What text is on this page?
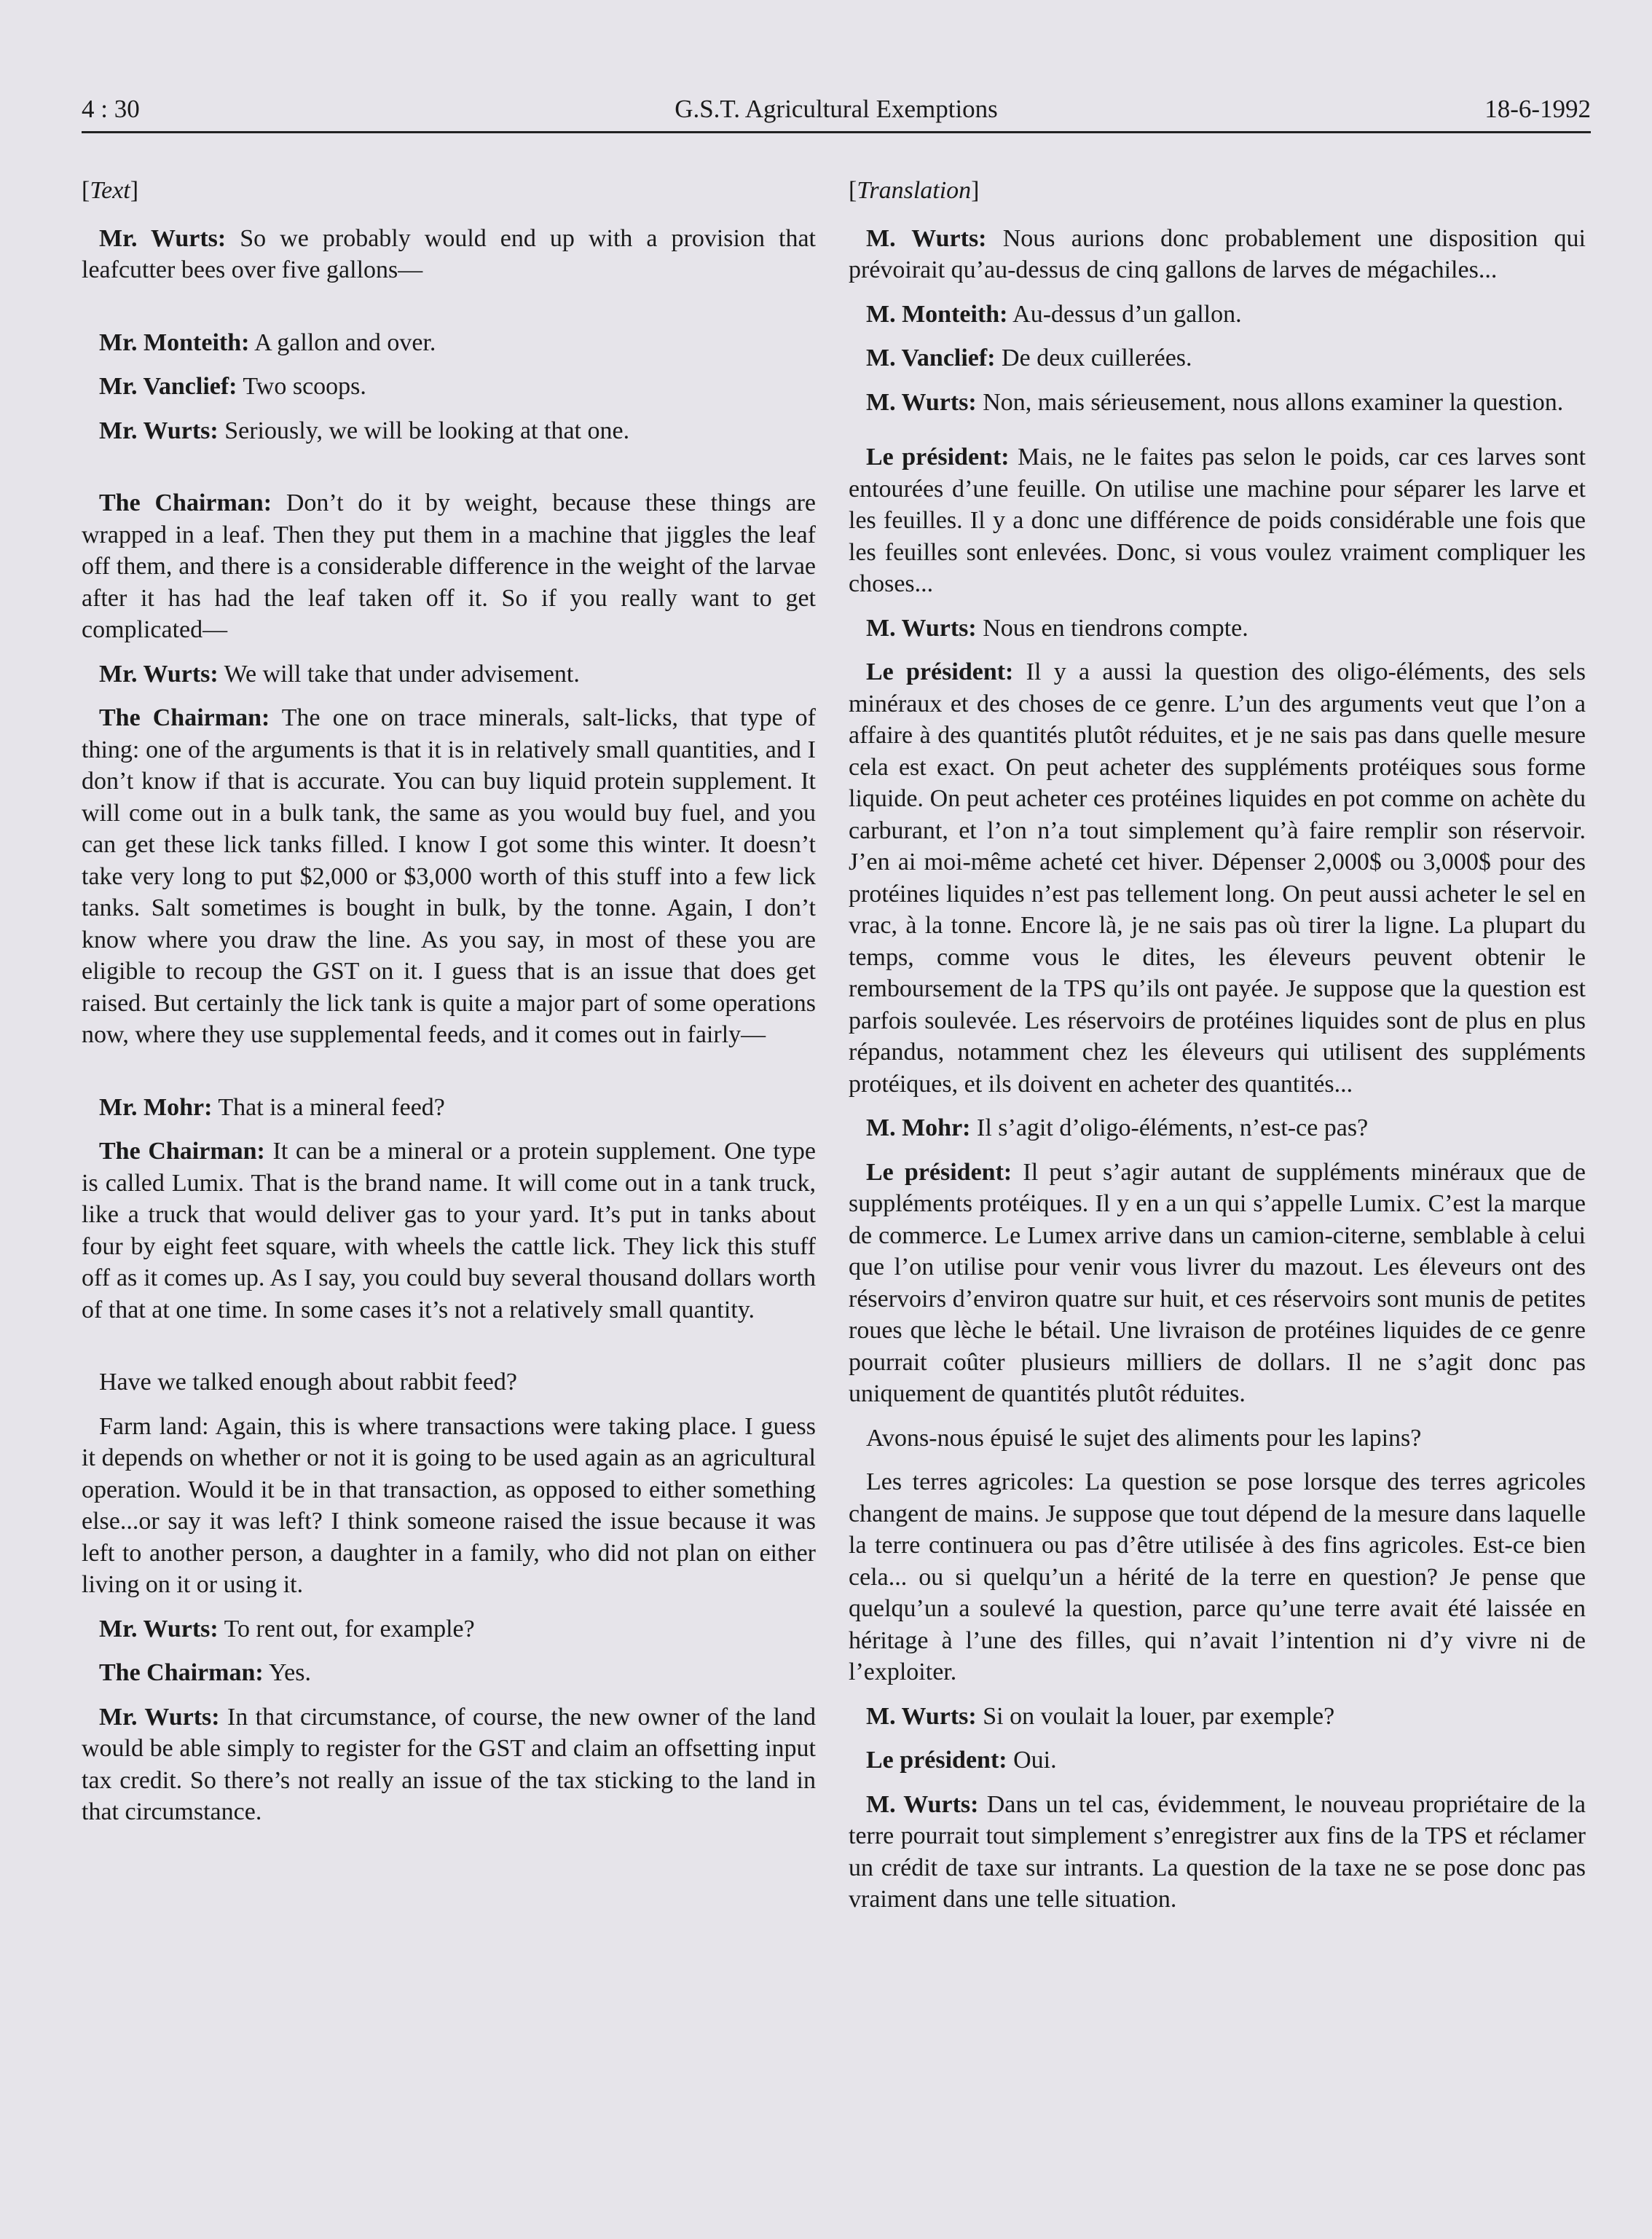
4 : 30	G.S.T. Agricultural Exemptions	18-6-1992
[Text]

Mr. Wurts: So we probably would end up with a provision that leafcutter bees over five gallons—

Mr. Monteith: A gallon and over.

Mr. Vanclief: Two scoops.

Mr. Wurts: Seriously, we will be looking at that one.

The Chairman: Don’t do it by weight, because these things are wrapped in a leaf. Then they put them in a machine that jiggles the leaf off them, and there is a considerable difference in the weight of the larvae after it has had the leaf taken off it. So if you really want to get complicated—

Mr. Wurts: We will take that under advisement.

The Chairman: The one on trace minerals, salt-licks, that type of thing: one of the arguments is that it is in relatively small quantities, and I don’t know if that is accurate. You can buy liquid protein supplement. It will come out in a bulk tank, the same as you would buy fuel, and you can get these lick tanks filled. I know I got some this winter. It doesn’t take very long to put $2,000 or $3,000 worth of this stuff into a few lick tanks. Salt sometimes is bought in bulk, by the tonne. Again, I don’t know where you draw the line. As you say, in most of these you are eligible to recoup the GST on it. I guess that is an issue that does get raised. But certainly the lick tank is quite a major part of some operations now, where they use supplemental feeds, and it comes out in fairly—

Mr. Mohr: That is a mineral feed?

The Chairman: It can be a mineral or a protein supplement. One type is called Lumix. That is the brand name. It will come out in a tank truck, like a truck that would deliver gas to your yard. It’s put in tanks about four by eight feet square, with wheels the cattle lick. They lick this stuff off as it comes up. As I say, you could buy several thousand dollars worth of that at one time. In some cases it’s not a relatively small quantity.

Have we talked enough about rabbit feed?

Farm land: Again, this is where transactions were taking place. I guess it depends on whether or not it is going to be used again as an agricultural operation. Would it be in that transaction, as opposed to either something else...or say it was left? I think someone raised the issue because it was left to another person, a daughter in a family, who did not plan on either living on it or using it.

Mr. Wurts: To rent out, for example?

The Chairman: Yes.

Mr. Wurts: In that circumstance, of course, the new owner of the land would be able simply to register for the GST and claim an offsetting input tax credit. So there’s not really an issue of the tax sticking to the land in that circumstance.

[Translation]

M. Wurts: Nous aurions donc probablement une disposition qui prévoirait qu’au-dessus de cinq gallons de larves de mégachiles...

M. Monteith: Au-dessus d’un gallon.

M. Vanclief: De deux cuillerées.

M. Wurts: Non, mais sérieusement, nous allons examiner la question.

Le président: Mais, ne le faites pas selon le poids, car ces larves sont entourées d’une feuille. On utilise une machine pour séparer les larve et les feuilles. Il y a donc une différence de poids considérable une fois que les feuilles sont enlevées. Donc, si vous voulez vraiment compliquer les choses...

M. Wurts: Nous en tiendrons compte.

Le président: Il y a aussi la question des oligo-éléments, des sels minéraux et des choses de ce genre. L’un des arguments veut que l’on a affaire à des quantités plutôt réduites, et je ne sais pas dans quelle mesure cela est exact. On peut acheter des suppléments protéiques sous forme liquide. On peut acheter ces protéines liquides en pot comme on achète du carburant, et l’on n’a tout simplement qu’à faire remplir son réservoir. J’en ai moi-même acheté cet hiver. Dépenser 2,000$ ou 3,000$ pour des protéines liquides n’est pas tellement long. On peut aussi acheter le sel en vrac, à la tonne. Encore là, je ne sais pas où tirer la ligne. La plupart du temps, comme vous le dites, les éleveurs peuvent obtenir le remboursement de la TPS qu’ils ont payée. Je suppose que la question est parfois soulevée. Les réservoirs de protéines liquides sont de plus en plus répandus, notamment chez les éleveurs qui utilisent des suppléments protéiques, et ils doivent en acheter des quantités...

M. Mohr: Il s’agit d’oligo-éléments, n’est-ce pas?

Le président: Il peut s’agir autant de suppléments minéraux que de suppléments protéiques. Il y en a un qui s’appelle Lumix. C’est la marque de commerce. Le Lumex arrive dans un camion-citerne, semblable à celui que l’on utilise pour venir vous livrer du mazout. Les éleveurs ont des réservoirs d’environ quatre sur huit, et ces réservoirs sont munis de petites roues que lèche le bétail. Une livraison de protéines liquides de ce genre pourrait coûter plusieurs milliers de dollars. Il ne s’agit donc pas uniquement de quantités plutôt réduites.

Avons-nous épuisé le sujet des aliments pour les lapins?

Les terres agricoles: La question se pose lorsque des terres agricoles changent de mains. Je suppose que tout dépend de la mesure dans laquelle la terre continuera ou pas d’être utilisée à des fins agricoles. Est-ce bien cela... ou si quelqu’un a hérité de la terre en question? Je pense que quelqu’un a soulevé la question, parce qu’une terre avait été laissée en héritage à l’une des filles, qui n’avait l’intention ni d’y vivre ni de l’exploiter.

M. Wurts: Si on voulait la louer, par exemple?

Le président: Oui.

M. Wurts: Dans un tel cas, évidemment, le nouveau propriétaire de la terre pourrait tout simplement s’enregistrer aux fins de la TPS et réclamer un crédit de taxe sur intrants. La question de la taxe ne se pose donc pas vraiment dans une telle situation.
